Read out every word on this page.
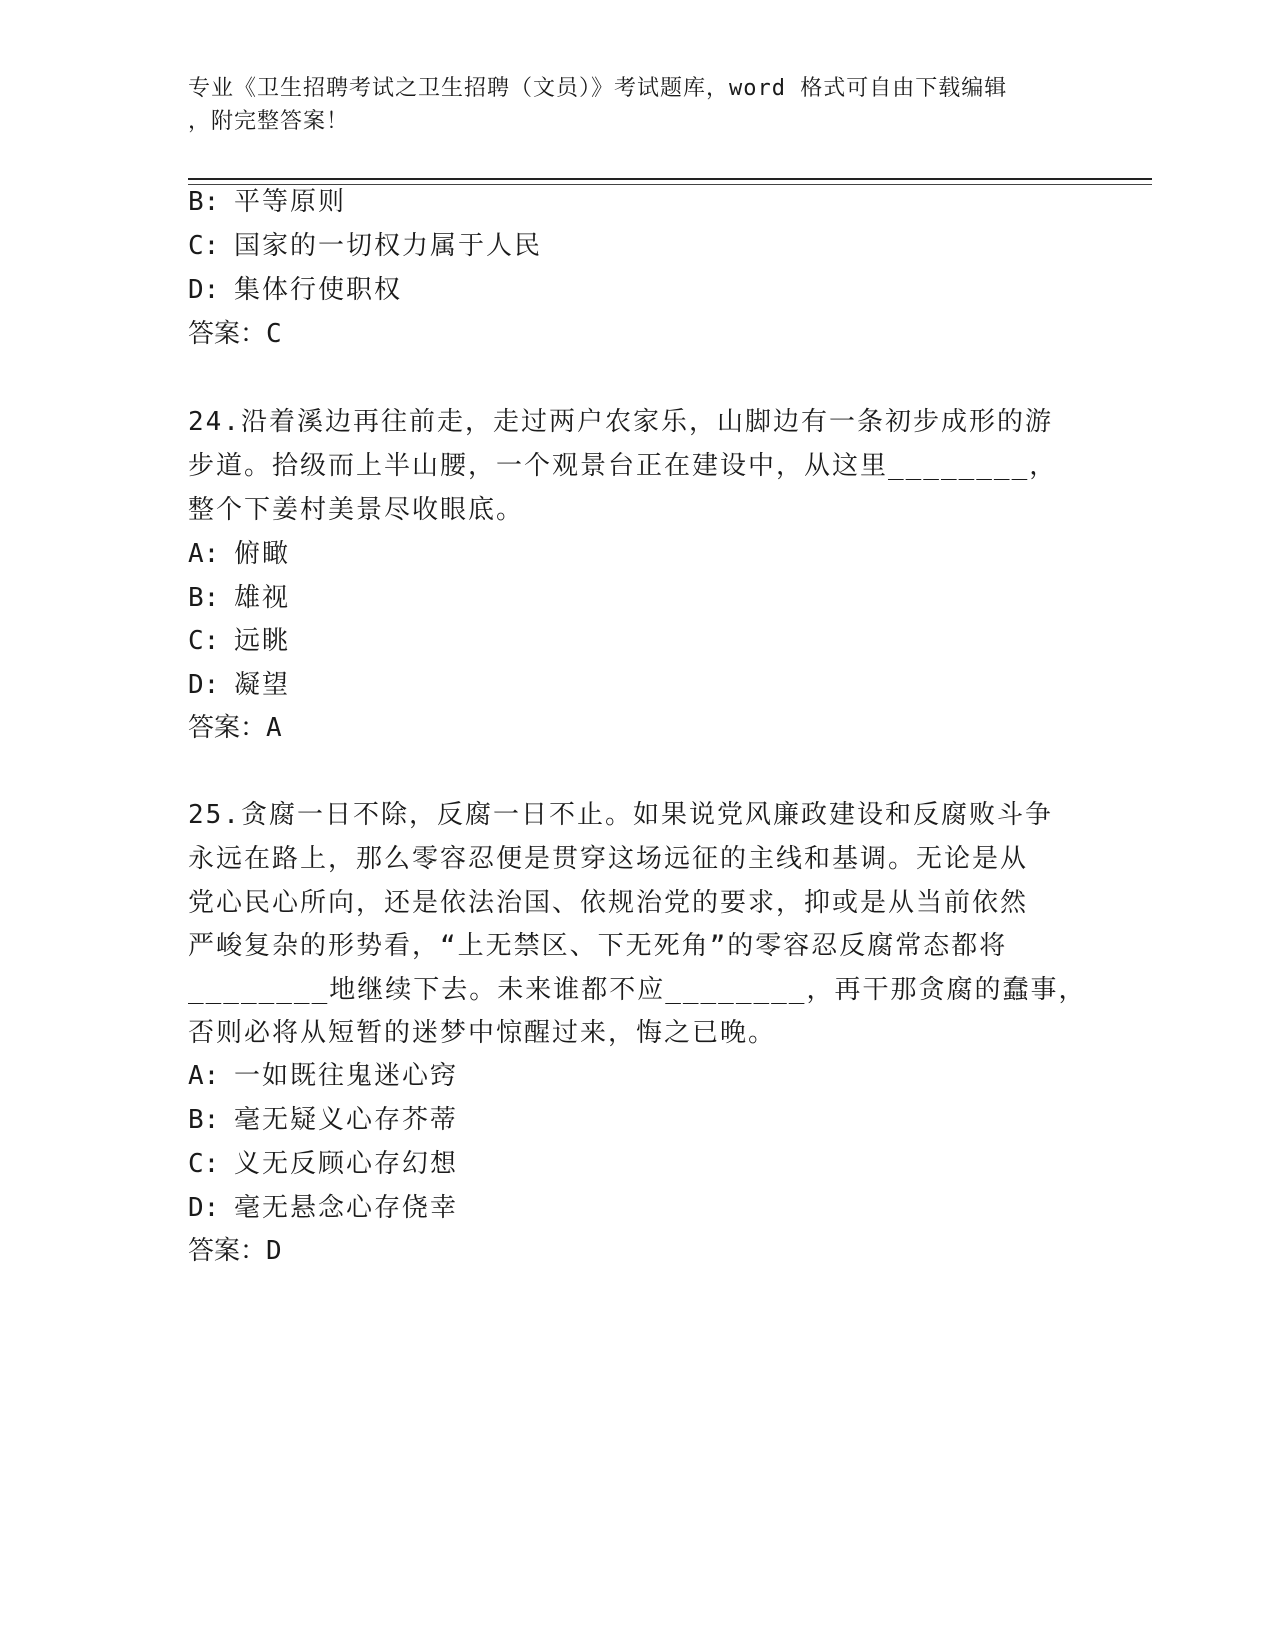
专业《卫生招聘考试之卫生招聘（文员）》考试题库，word 格式可自由下载编辑
，附完整答案！
B: 平等原则
C: 国家的一切权力属于人民
D: 集体行使职权
答案：C
24.沿着溪边再往前走，走过两户农家乐，山脚边有一条初步成形的游
步道。拾级而上半山腰，一个观景台正在建设中，从这里________，
整个下姜村美景尽收眼底。
A: 俯瞰
B: 雄视
C: 远眺
D: 凝望
答案：A
25.贪腐一日不除，反腐一日不止。如果说党风廉政建设和反腐败斗争
永远在路上，那么零容忍便是贯穿这场远征的主线和基调。无论是从
党心民心所向，还是依法治国、依规治党的要求，抑或是从当前依然
严峻复杂的形势看，“上无禁区、下无死角”的零容忍反腐常态都将
________地继续下去。未来谁都不应________，再干那贪腐的蠢事，
否则必将从短暂的迷梦中惊醒过来，悔之已晚。
A: 一如既往鬼迷心窍
B: 毫无疑义心存芥蒂
C: 义无反顾心存幻想
D: 毫无悬念心存侥幸
答案：D
